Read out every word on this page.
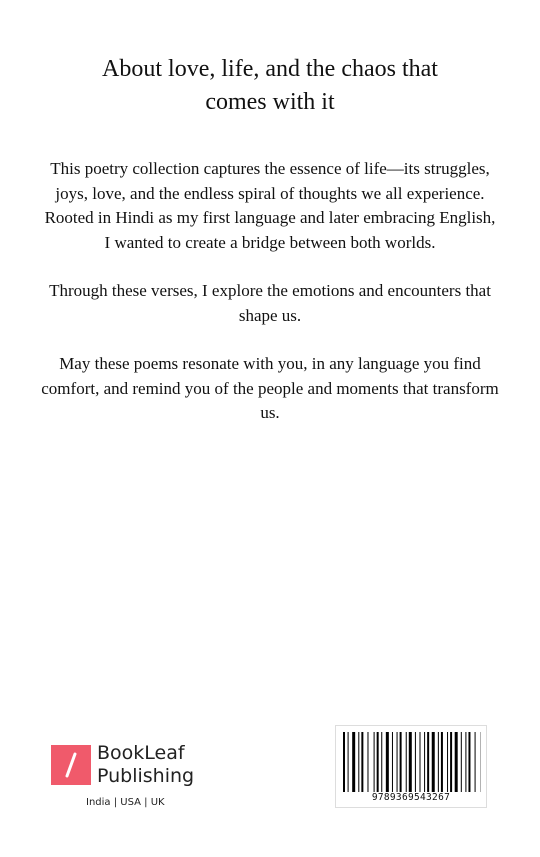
About love, life, and the chaos that
comes with it

This poetry collection captures the essence of life—its struggles, joys, love, and the endless spiral of thoughts we all experience. Rooted in Hindi as my first language and later embracing English, I wanted to create a bridge between both worlds.

Through these verses, I explore the emotions and encounters that shape us.

May these poems resonate with you, in any language you find comfort, and remind you of the people and moments that transform us.

BookLeaf
Publishing
India | USA | UK	9789369543267
